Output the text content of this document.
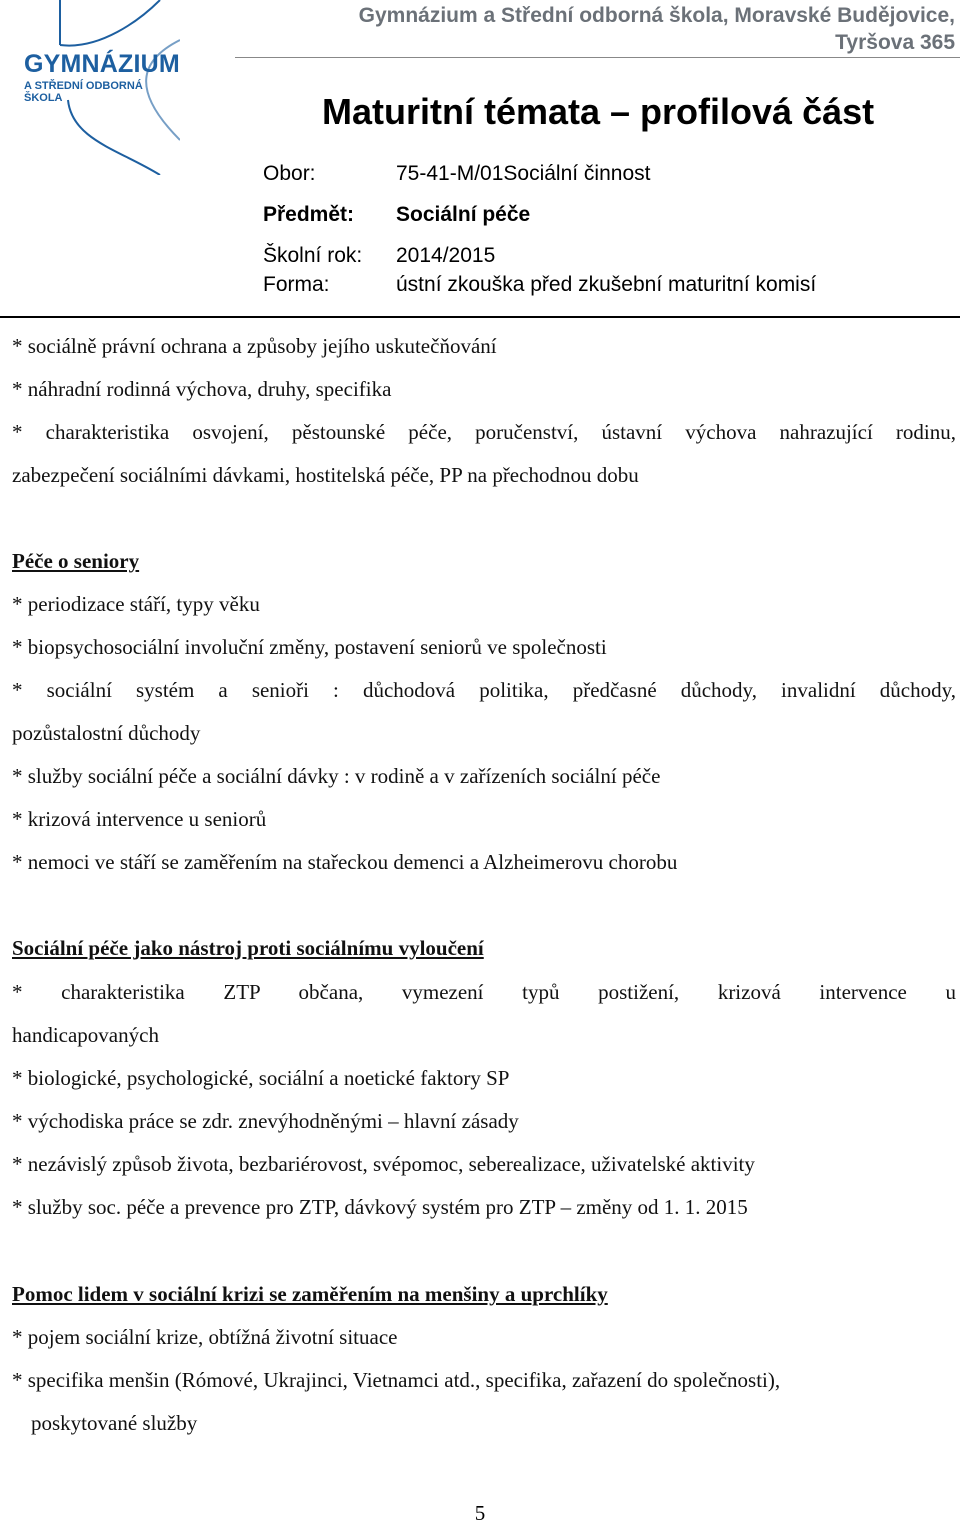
GYMNÁZIUM
A STŘEDNÍ ODBORNÁ ŠKOLA
Gymnázium a Střední odborná škola, Moravské Budějovice,
Tyršova 365
Maturitní témata – profilová část
Obor:	75-41-M/01Sociální činnost
Předmět: Sociální péče
Školní rok: 2014/2015
Forma:	ústní zkouška před zkušební maturitní komisí
* sociálně právní ochrana a způsoby jejího uskutečňování
* náhradní rodinná výchova, druhy, specifika
* charakteristika osvojení, pěstounské péče, poručenství, ústavní výchova nahrazující rodinu,
zabezpečení sociálními dávkami, hostitelská péče, PP na přechodnou dobu
Péče o seniory
* periodizace stáří, typy věku
* biopsychosociální involuční změny, postavení seniorů ve společnosti
* sociální systém a senioři : důchodová politika, předčasné důchody, invalidní důchody,
pozůstalostní důchody
* služby sociální péče a sociální dávky : v rodině a v zařízeních sociální péče
* krizová intervence u seniorů
* nemoci ve stáří se zaměřením na stařeckou demenci a Alzheimerovu chorobu
Sociální péče jako nástroj proti sociálnímu vyloučení
* charakteristika ZTP občana, vymezení typů postižení, krizová intervence u
handicapovaných
* biologické, psychologické, sociální a noetické faktory SP
* východiska práce se zdr. znevýhodněnými – hlavní zásady
* nezávislý způsob života, bezbariérovost, svépomoc, seberealizace, uživatelské aktivity
* služby soc. péče a prevence pro ZTP, dávkový systém pro ZTP – změny od 1. 1. 2015
Pomoc lidem v sociální krizi se zaměřením na menšiny a uprchlíky
* pojem sociální krize, obtížná životní situace
* specifika menšin (Rómové, Ukrajinci, Vietnamci atd., specifika, zařazení do společnosti),
poskytované služby
5
